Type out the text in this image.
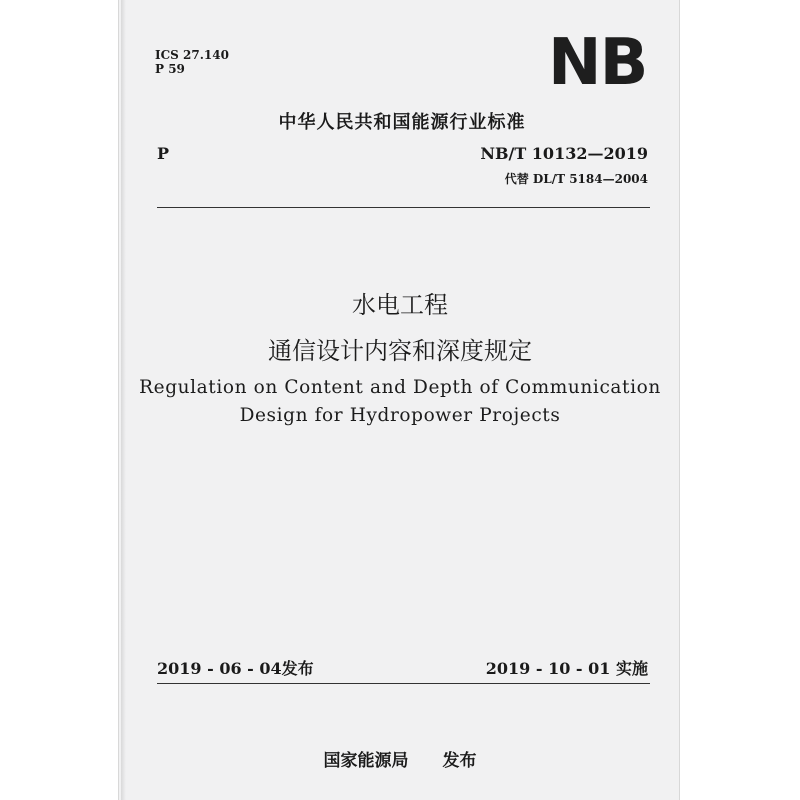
ICS 27.140
P 59	NB
中华人民共和国能源行业标准
P	NB/T 10132—2019
代替 DL/T 5184—2004
水电工程
通信设计内容和深度规定
Regulation on Content and Depth of Communication
Design for Hydropower Projects
2019 - 06 - 04发布	2019 - 10 - 01 实施
国家能源局 发布
